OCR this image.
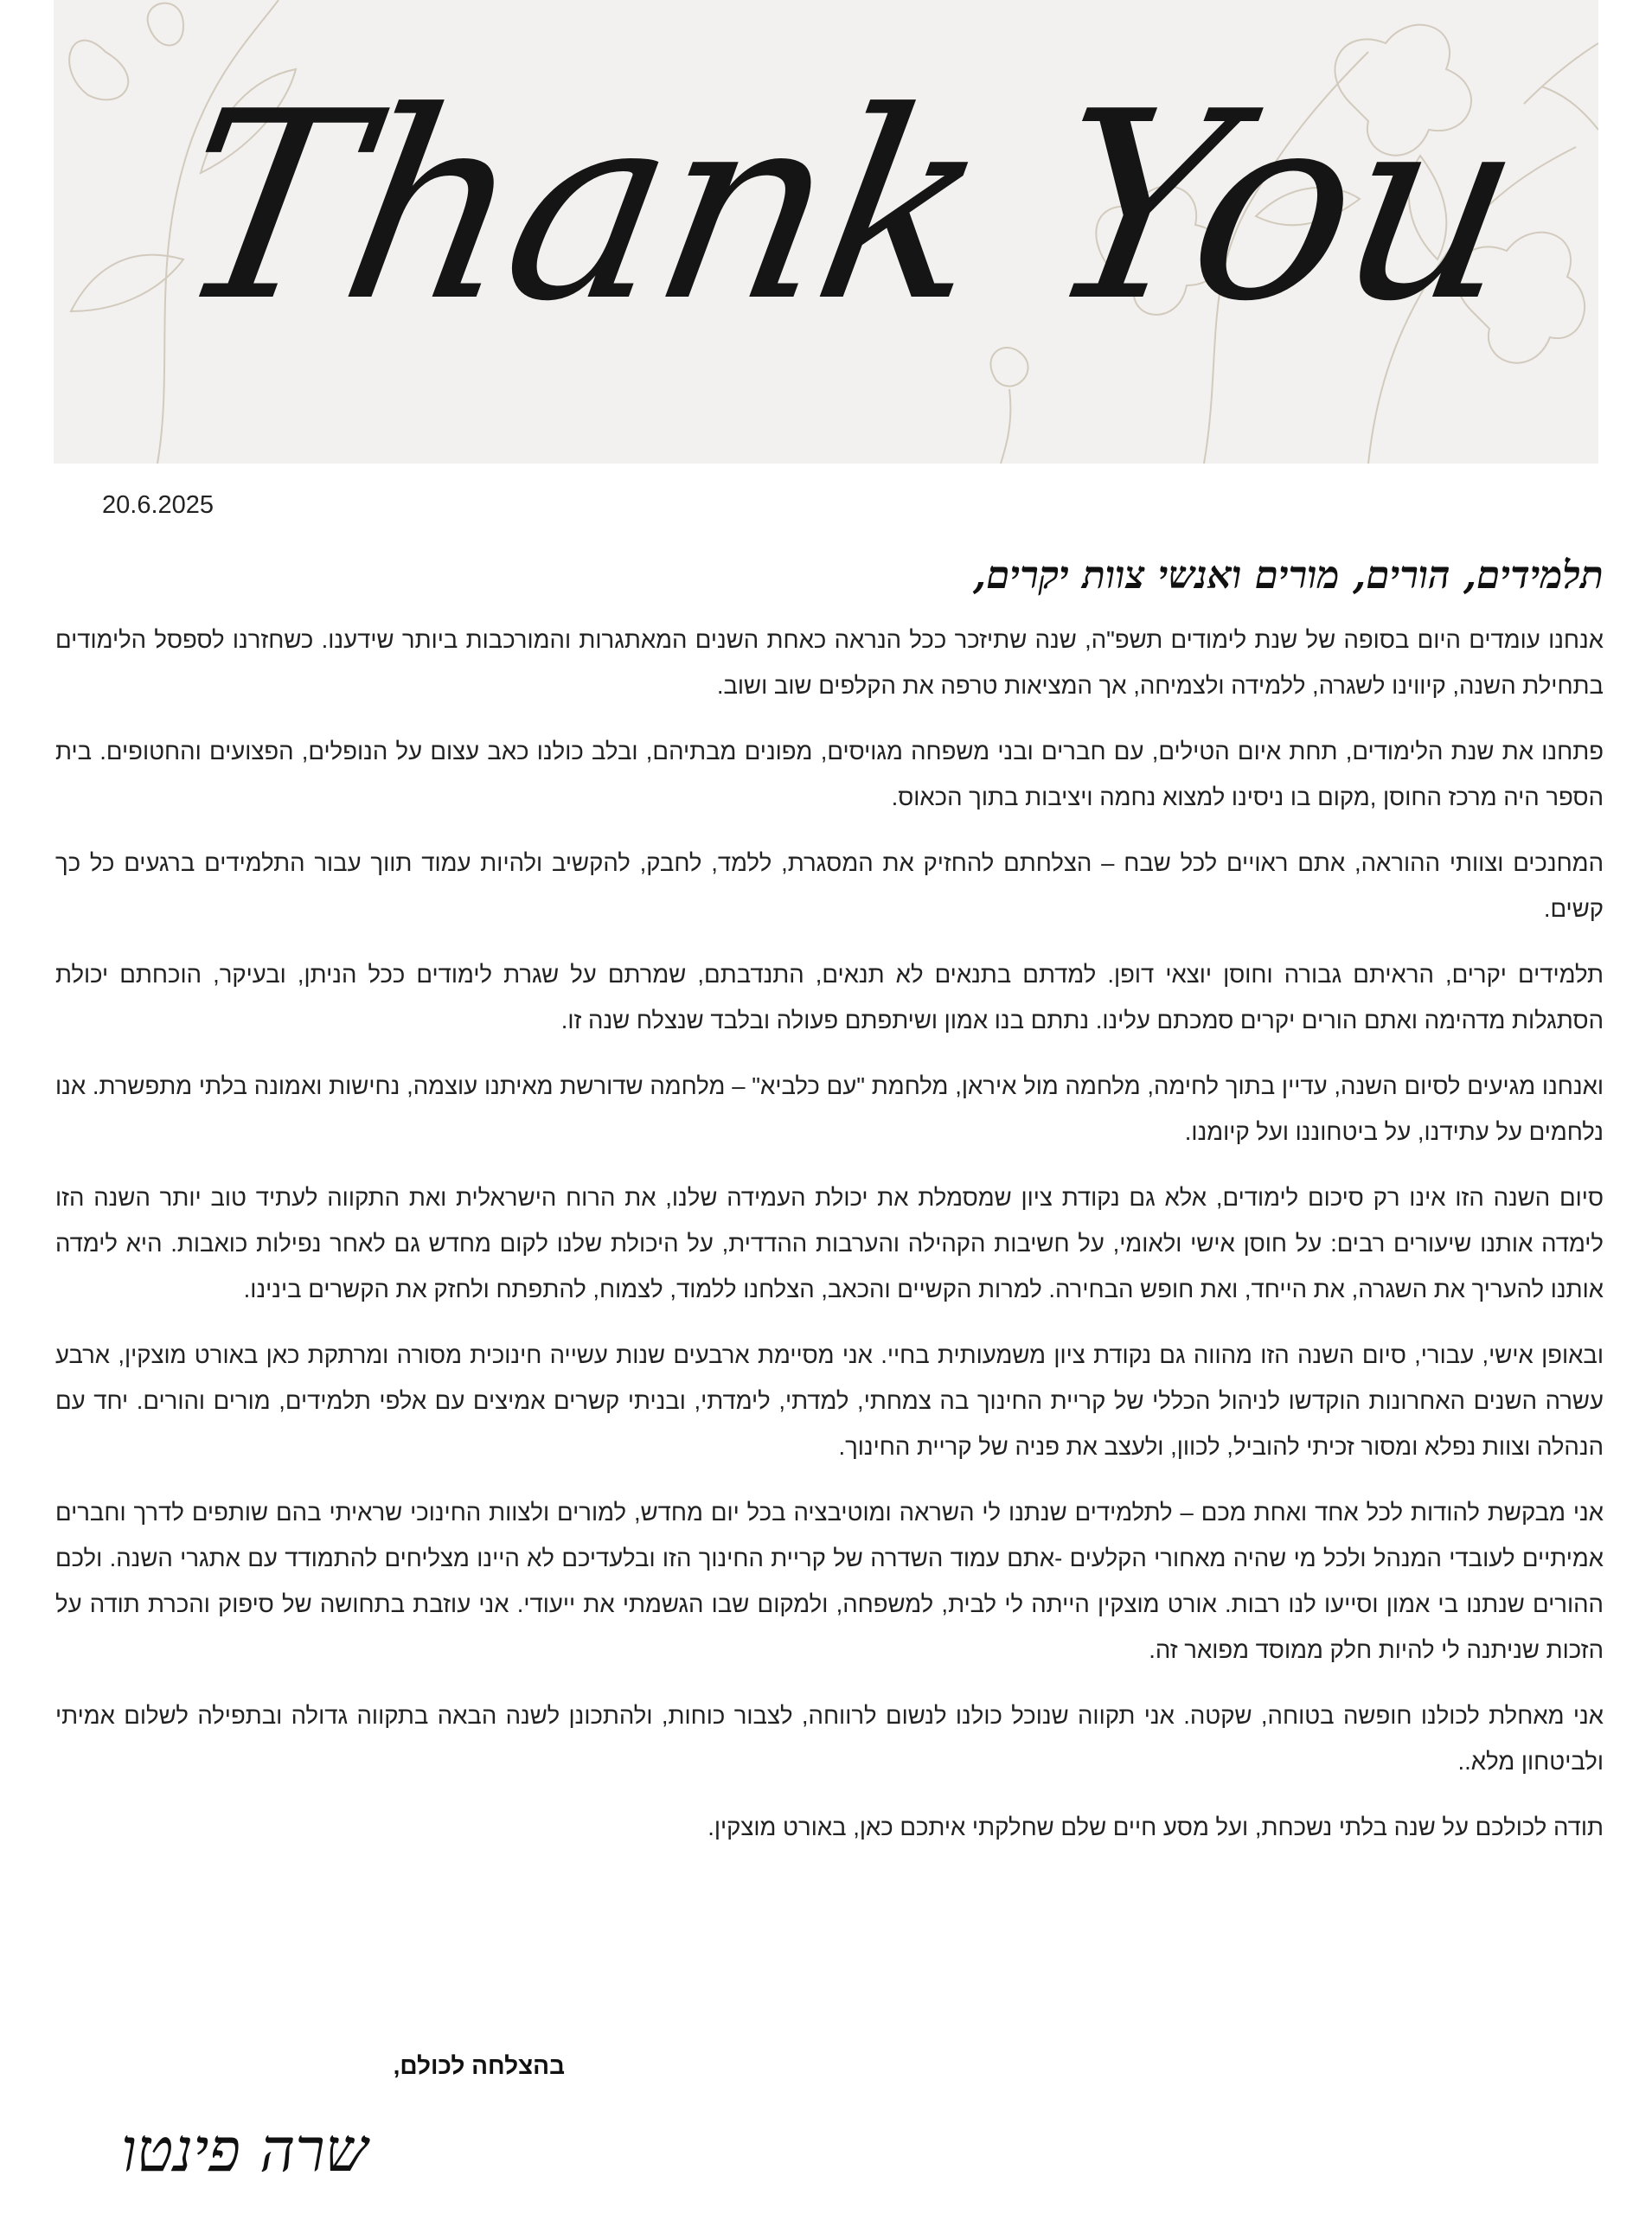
Thank You
20.6.2025
תלמידים, הורים, מורים ואנשי צוות יקרים,

אנחנו עומדים היום בסופה של שנת לימודים תשפ"ה, שנה שתיזכר ככל הנראה כאחת השנים המאתגרות והמורכבות ביותר שידענו. כשחזרנו לספסל הלימודים בתחילת השנה, קיווינו לשגרה, ללמידה ולצמיחה, אך המציאות טרפה את הקלפים שוב ושוב.

פתחנו את שנת הלימודים, תחת איום הטילים, עם חברים ובני משפחה מגויסים, מפונים מבתיהם, ובלב כולנו כאב עצום על הנופלים, הפצועים והחטופים. בית הספר היה מרכז החוסן ,מקום בו ניסינו למצוא נחמה ויציבות בתוך הכאוס.

המחנכים וצוותי ההוראה, אתם ראויים לכל שבח – הצלחתם להחזיק את המסגרת, ללמד, לחבק, להקשיב ולהיות עמוד תווך עבור התלמידים ברגעים כל כך קשים.

תלמידים יקרים, הראיתם גבורה וחוסן יוצאי דופן. למדתם בתנאים לא תנאים, התנדבתם, שמרתם על שגרת לימודים ככל הניתן, ובעיקר, הוכחתם יכולת הסתגלות מדהימה ואתם הורים יקרים סמכתם עלינו. נתתם בנו אמון ושיתפתם פעולה ובלבד שנצלח שנה זו.

ואנחנו מגיעים לסיום השנה, עדיין בתוך לחימה, מלחמה מול איראן, מלחמת "עם כלביא" – מלחמה שדורשת מאיתנו עוצמה, נחישות ואמונה בלתי מתפשרת. אנו נלחמים על עתידנו, על ביטחוננו ועל קיומנו.

סיום השנה הזו אינו רק סיכום לימודים, אלא גם נקודת ציון שמסמלת את יכולת העמידה שלנו, את הרוח הישראלית ואת התקווה לעתיד טוב יותר השנה הזו לימדה אותנו שיעורים רבים: על חוסן אישי ולאומי, על חשיבות הקהילה והערבות ההדדית, על היכולת שלנו לקום מחדש גם לאחר נפילות כואבות. היא לימדה אותנו להעריך את השגרה, את הייחד, ואת חופש הבחירה. למרות הקשיים והכאב, הצלחנו ללמוד, לצמוח, להתפתח ולחזק את הקשרים בינינו.

ובאופן אישי, עבורי, סיום השנה הזו מהווה גם נקודת ציון משמעותית בחיי. אני מסיימת ארבעים שנות עשייה חינוכית מסורה ומרתקת כאן באורט מוצקין, ארבע עשרה השנים האחרונות הוקדשו לניהול הכללי של קריית החינוך בה צמחתי, למדתי, לימדתי, ובניתי קשרים אמיצים עם אלפי תלמידים, מורים והורים. יחד עם הנהלה וצוות נפלא ומסור זכיתי להוביל, לכוון, ולעצב את פניה של קריית החינוך.

אני מבקשת להודות לכל אחד ואחת מכם – לתלמידים שנתנו לי השראה ומוטיבציה בכל יום מחדש, למורים ולצוות החינוכי שראיתי בהם שותפים לדרך וחברים אמיתיים לעובדי המנהל ולכל מי שהיה מאחורי הקלעים -אתם עמוד השדרה של קריית החינוך הזו ובלעדיכם לא היינו מצליחים להתמודד עם אתגרי השנה. ולכם ההורים שנתנו בי אמון וסייעו לנו רבות. אורט מוצקין הייתה לי לבית, למשפחה, ולמקום שבו הגשמתי את ייעודי. אני עוזבת בתחושה של סיפוק והכרת תודה על הזכות שניתנה לי להיות חלק ממוסד מפואר זה.

אני מאחלת לכולנו חופשה בטוחה, שקטה. אני תקווה שנוכל כולנו לנשום לרווחה, לצבור כוחות, ולהתכונן לשנה הבאה בתקווה גדולה ובתפילה לשלום אמיתי ולביטחון מלא..

תודה לכולכם על שנה בלתי נשכחת, ועל מסע חיים שלם שחלקתי איתכם כאן, באורט מוצקין.

בהצלחה לכולם,
שרה פינטו
